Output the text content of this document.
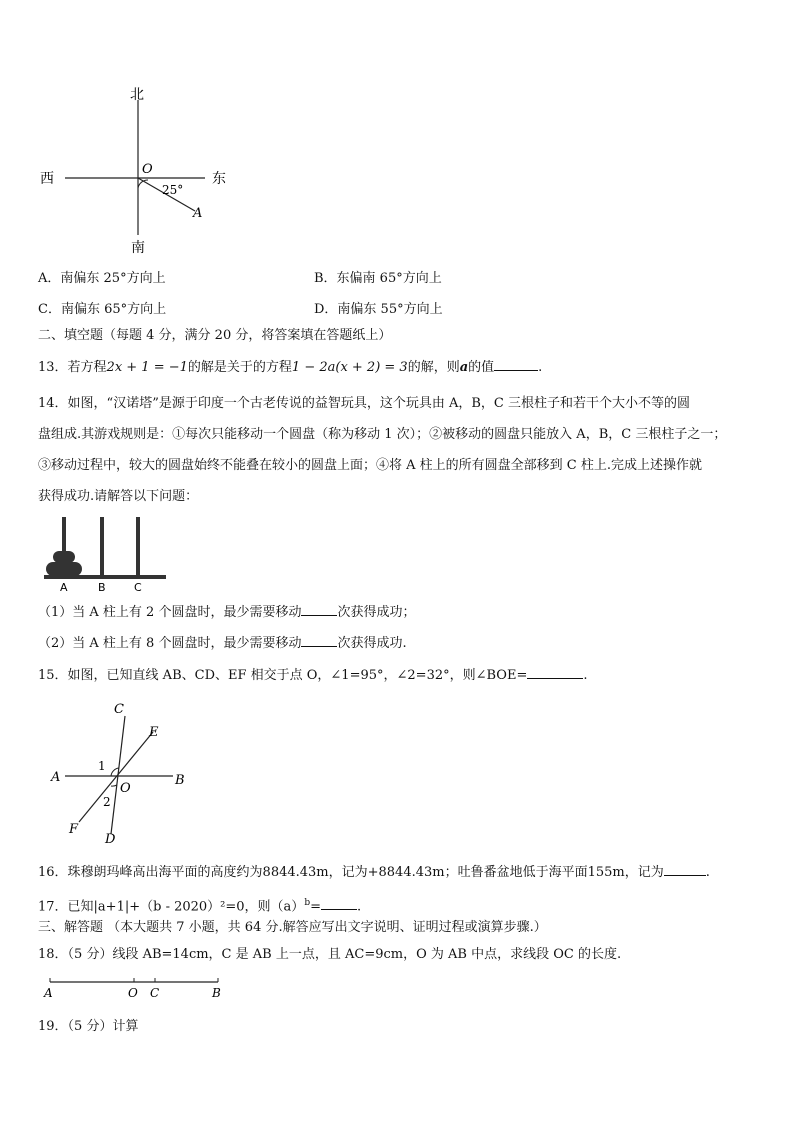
北
南
西	东
O
25°
A
A．南偏东 25°方向上	B．东偏南 65°方向上
C．南偏东 65°方向上	D．南偏东 55°方向上
二、填空题（每题 4 分，满分 20 分，将答案填在答题纸上）
13．若方程2x + 1 = −1的解是关于的方程1 − 2a(x + 2) = 3的解，则a的值	.
14．如图，“汉诺塔”是源于印度一个古老传说的益智玩具，这个玩具由 A，B，C 三根柱子和若干个大小不等的圆
盘组成.其游戏规则是：①每次只能移动一个圆盘（称为移动 1 次）；②被移动的圆盘只能放入 A，B，C 三根柱子之一；
③移动过程中，较大的圆盘始终不能叠在较小的圆盘上面；④将 A 柱上的所有圆盘全部移到 C 柱上.完成上述操作就
获得成功.请解答以下问题：
A	B	C
（1）当 A 柱上有 2 个圆盘时，最少需要移动	次获得成功；
（2）当 A 柱上有 8 个圆盘时，最少需要移动	次获得成功.
15．如图，已知直线 AB、CD、EF 相交于点 O，∠1=95°，∠2=32°，则∠BOE=	.
A	B
C
D
E
F
O
1
2
16．珠穆朗玛峰高出海平面的高度约为8844.43m，记为+8844.43m；吐鲁番盆地低于海平面155m，记为	.
17．已知|a+1|+（b - 2020）²=0，则$(a)^b=$	.
三、解答题 （本大题共 7 小题，共 64 分.解答应写出文字说明、证明过程或演算步骤.）
18．（5 分）线段 AB=14cm，C 是 AB 上一点，且 AC=9cm，O 为 AB 中点，求线段 OC 的长度.
A	O C	B
19．（5 分）计算
